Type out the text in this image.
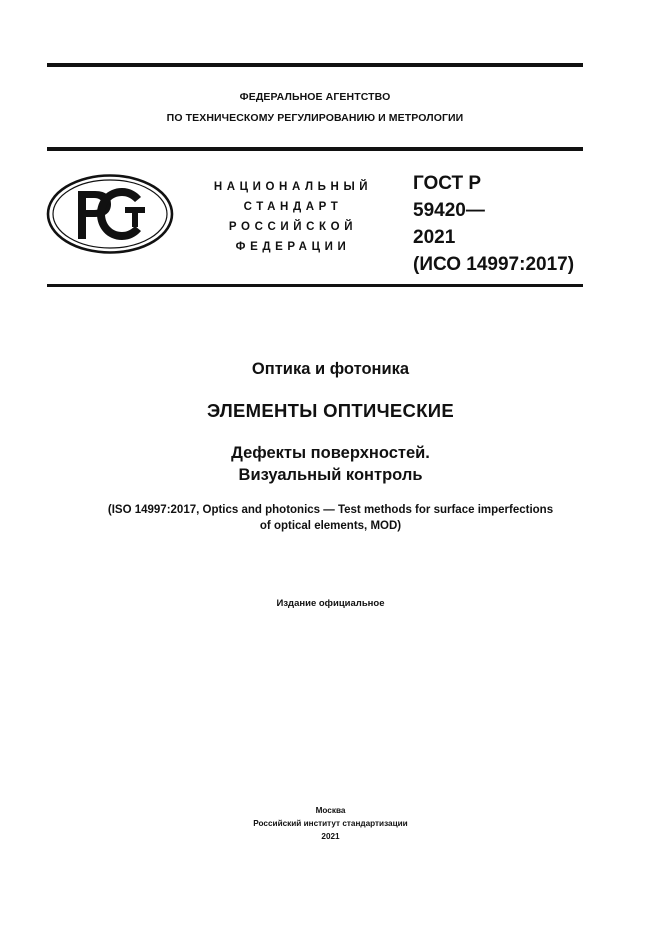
ФЕДЕРАЛЬНОЕ АГЕНТСТВО
ПО ТЕХНИЧЕСКОМУ РЕГУЛИРОВАНИЮ И МЕТРОЛОГИИ
НАЦИОНАЛЬНЫЙ
СТАНДАРТ
РОССИЙСКОЙ
ФЕДЕРАЦИИ
ГОСТ Р
59420—
2021
(ИСО 14997:2017)
Оптика и фотоника
ЭЛЕМЕНТЫ ОПТИЧЕСКИЕ
Дефекты поверхностей.
Визуальный контроль
(ISO 14997:2017, Optics and photonics — Test methods for surface imperfections
of optical elements, MOD)
Издание официальное
Москва
Российский институт стандартизации
2021
